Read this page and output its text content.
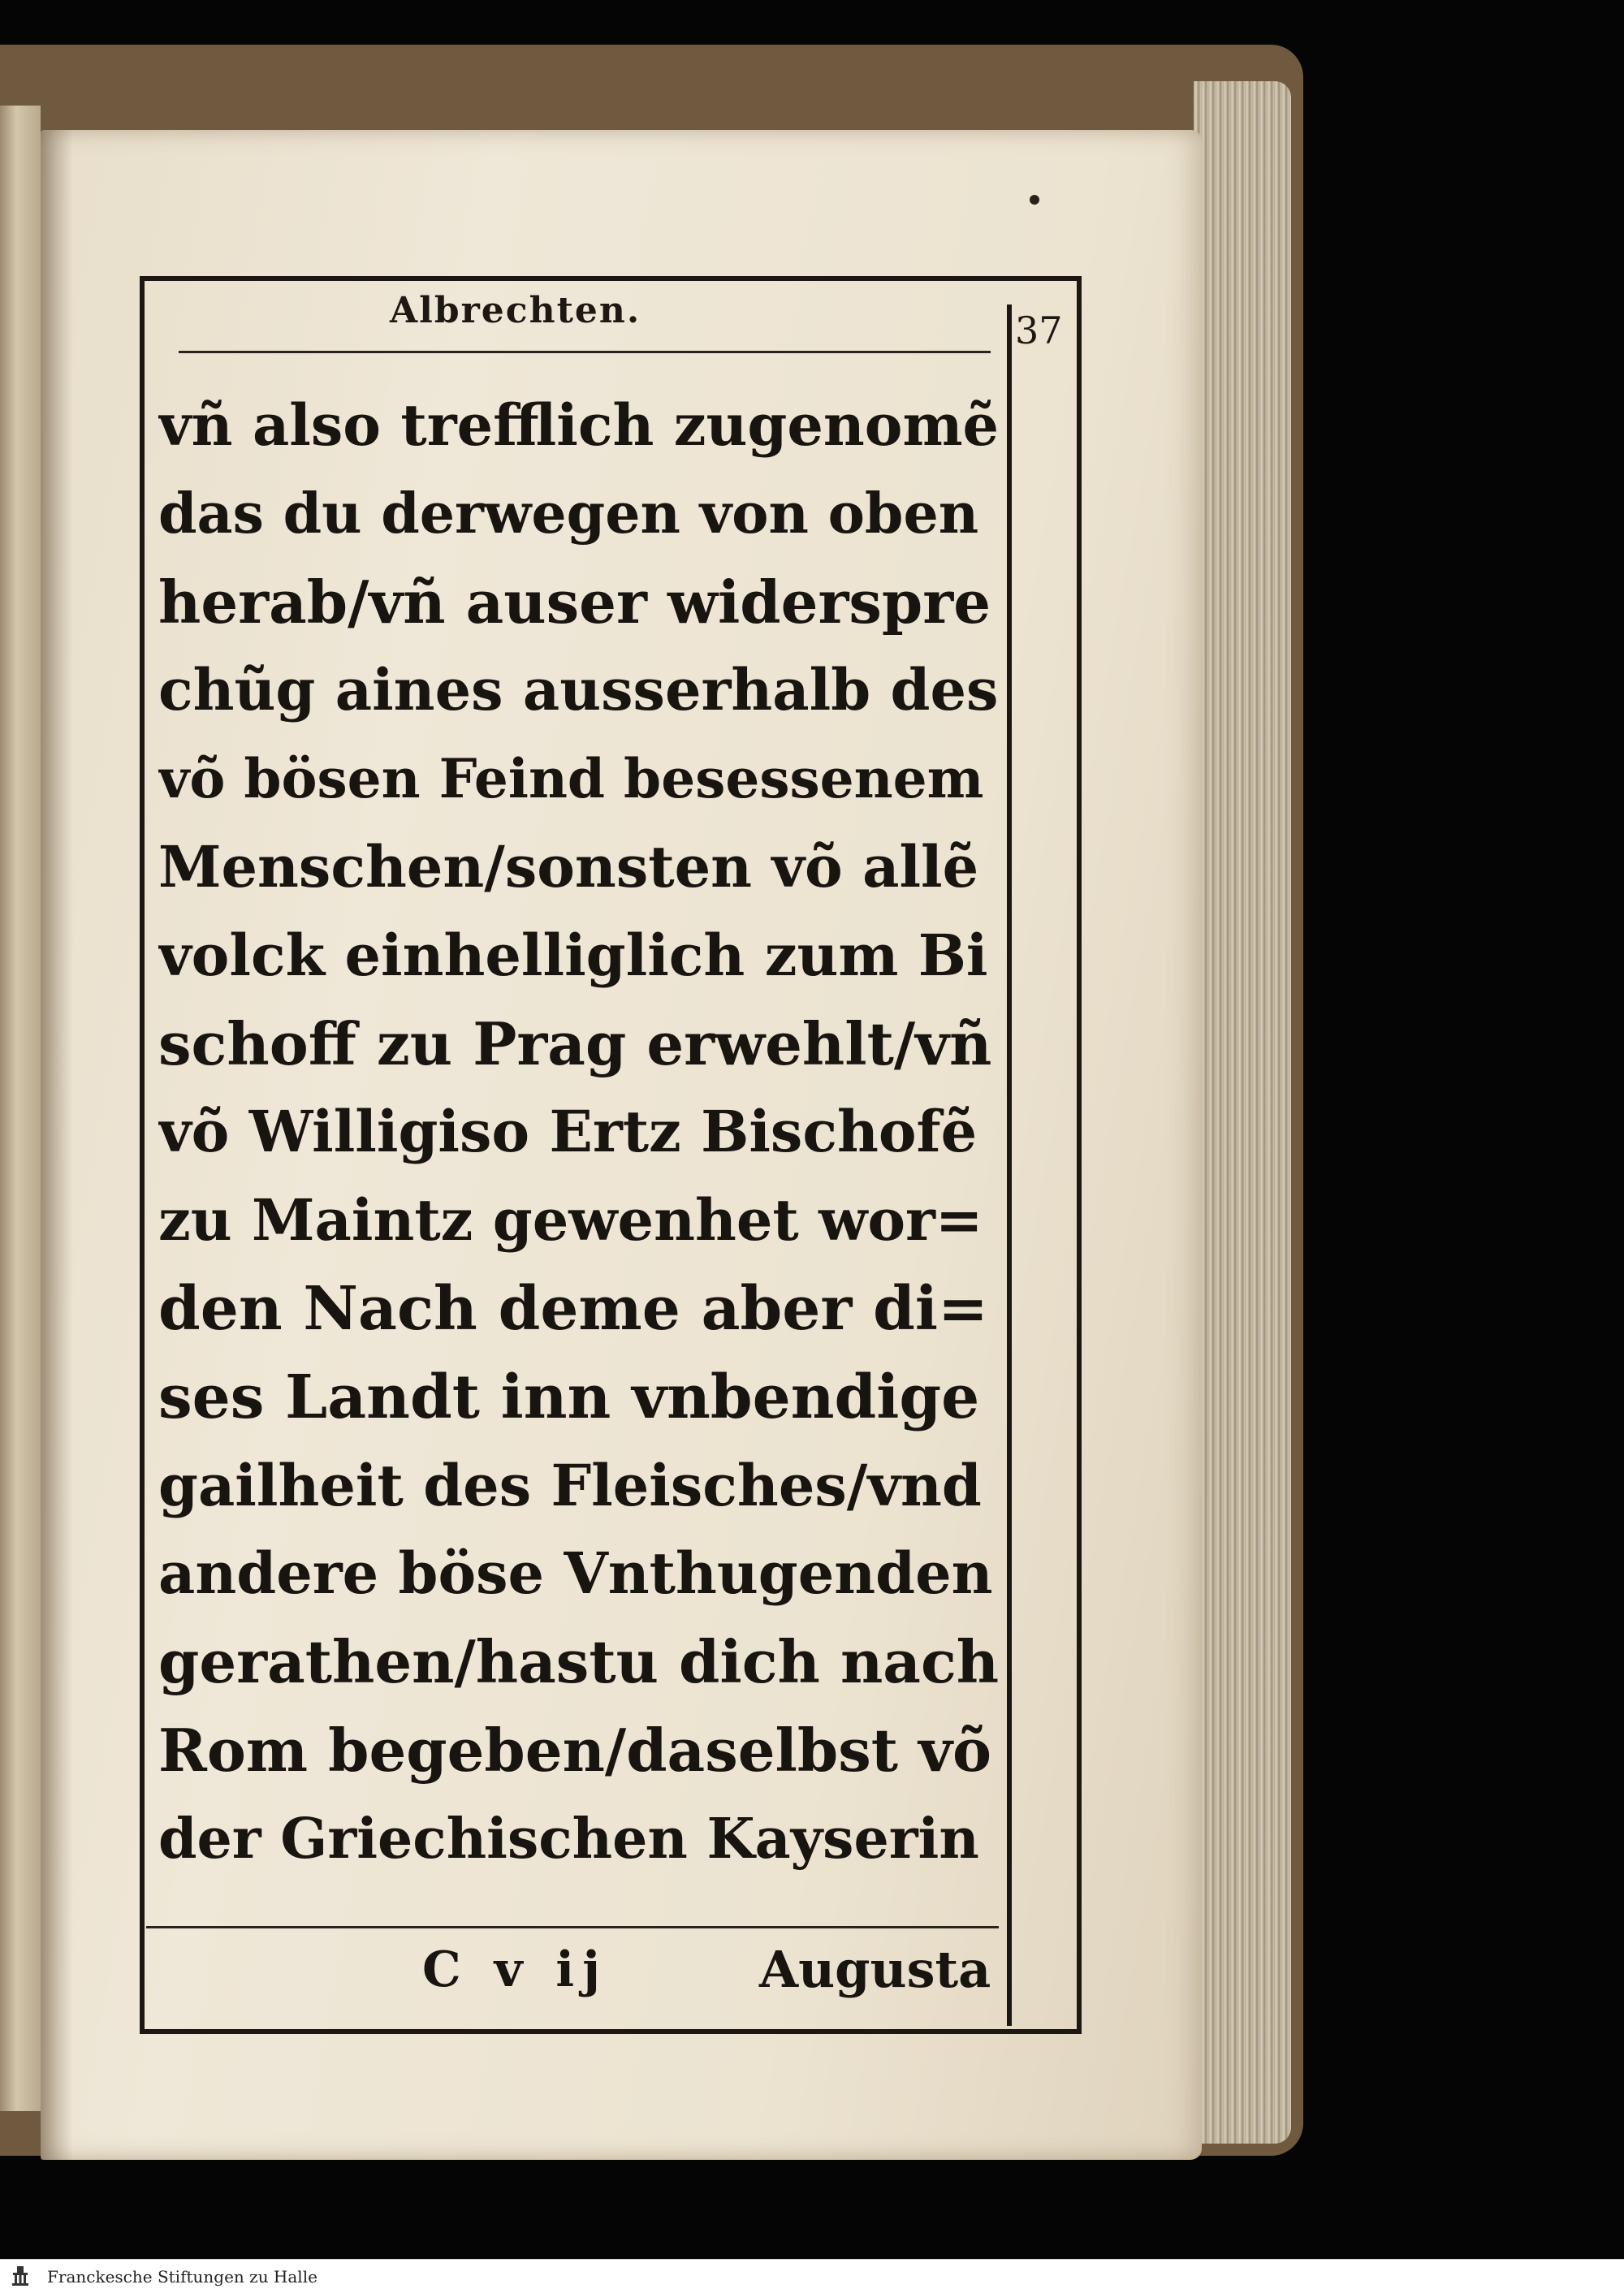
Albrechten.	37
vñ also trefflich zugenomẽ
das du derwegen von oben
herab/vñ auser widerspre
chũg aines ausserhalb des
võ bösen Feind besessenem
Menschen/sonsten võ allẽ
volck einhelliglich zum Bi
schoff zu Prag erwehlt/vñ
võ Willigiso Ertz Bischofẽ
zu Maintz gewenhet wor=
den Nach deme aber di=
ses Landt inn vnbendige
gailheit des Fleisches/vnd
andere böse Vnthugenden
gerathen/hastu dich nach
Rom begeben/daselbst võ
der Griechischen Kayserin
C v ij	Augusta
Franckesche Stiftungen zu Halle
